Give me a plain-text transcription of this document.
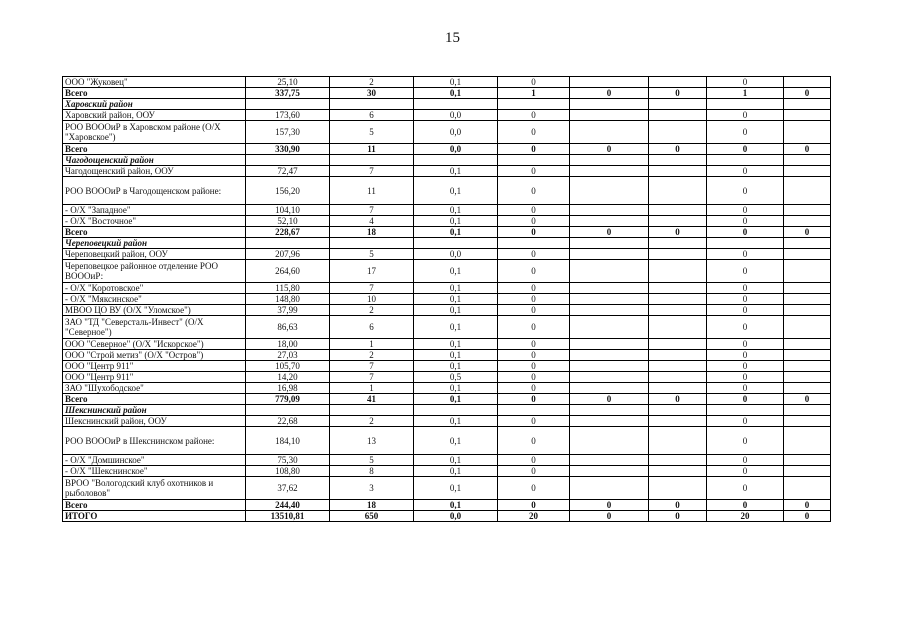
15
ООО "Жуковец"	25,10	2	0,1	0			0	
Всего	337,75	30	0,1	1	0	0	1	0
Харовский район								
Харовский район, ООУ	173,60	6	0,0	0			0	
РОО ВОООиР в Харовском районе (О/Х "Харовское")	157,30	5	0,0	0			0	
Всего	330,90	11	0,0	0	0	0	0	0
Чагодощенский район								
Чагодощенский район, ООУ	72,47	7	0,1	0			0	
РОО ВОООиР в Чагодощенском районе:	156,20	11	0,1	0			0	
- О/Х "Западное"	104,10	7	0,1	0			0	
- О/Х "Восточное"	52,10	4	0,1	0			0	
Всего	228,67	18	0,1	0	0	0	0	0
Череповецкий район								
Череповецкий район, ООУ	207,96	5	0,0	0			0	
Череповецкое районное отделение РОО ВОООиР:	264,60	17	0,1	0			0	
- О/Х "Коротовское"	115,80	7	0,1	0			0	
- О/Х "Мяксинское"	148,80	10	0,1	0			0	
МВОО ЦО ВУ (О/Х "Уломское")	37,99	2	0,1	0			0	
ЗАО "ТД "Северсталь-Инвест" (О/Х "Северное")	86,63	6	0,1	0			0	
ООО "Северное" (О/Х "Искорское")	18,00	1	0,1	0			0	
ООО "Строй метиз" (О/Х "Остров")	27,03	2	0,1	0			0	
ООО "Центр 911"	105,70	7	0,1	0			0	
ООО "Центр 911"	14,20	7	0,5	0			0	
ЗАО "Шухободское"	16,98	1	0,1	0			0	
Всего	779,09	41	0,1	0	0	0	0	0
Шекснинский район								
Шекснинский район, ООУ	22,68	2	0,1	0			0	
РОО ВОООиР в Шекснинском районе:	184,10	13	0,1	0			0	
- О/Х "Домшинское"	75,30	5	0,1	0			0	
- О/Х "Шекснинское"	108,80	8	0,1	0			0	
ВРОО "Вологодский клуб охотников и рыболовов"	37,62	3	0,1	0			0	
Всего	244,40	18	0,1	0	0	0	0	0
ИТОГО	13510,81	650	0,0	20	0	0	20	0
